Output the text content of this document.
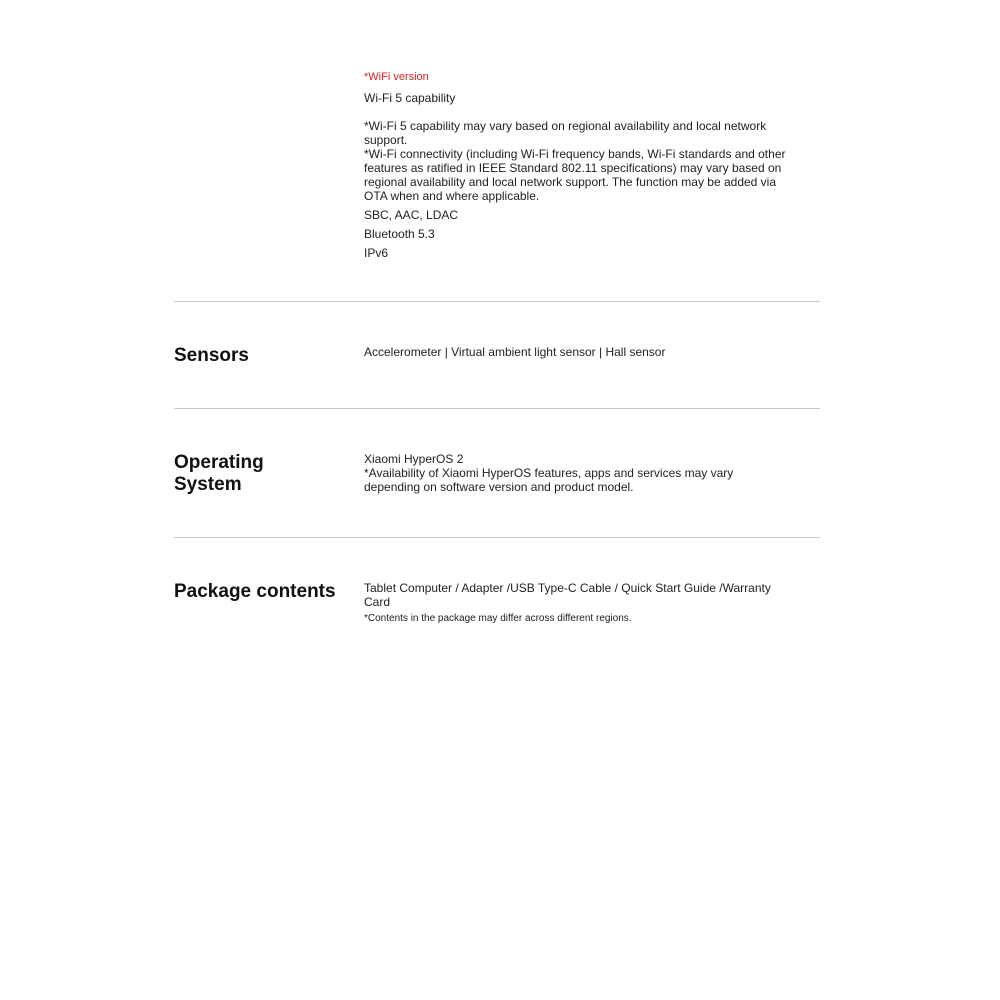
*WiFi version
Wi-Fi 5 capability
*Wi-Fi 5 capability may vary based on regional availability and local network support.
*Wi-Fi connectivity (including Wi-Fi frequency bands, Wi-Fi standards and other features as ratified in IEEE Standard 802.11 specifications) may vary based on regional availability and local network support. The function may be added via OTA when and where applicable.
SBC, AAC, LDAC
Bluetooth 5.3
IPv6
Sensors	Accelerometer | Virtual ambient light sensor | Hall sensor
Operating System
Xiaomi HyperOS 2
*Availability of Xiaomi HyperOS features, apps and services may vary depending on software version and product model.
Package contents	Tablet Computer / Adapter /USB Type-C Cable / Quick Start Guide /Warranty Card
*Contents in the package may differ across different regions.
